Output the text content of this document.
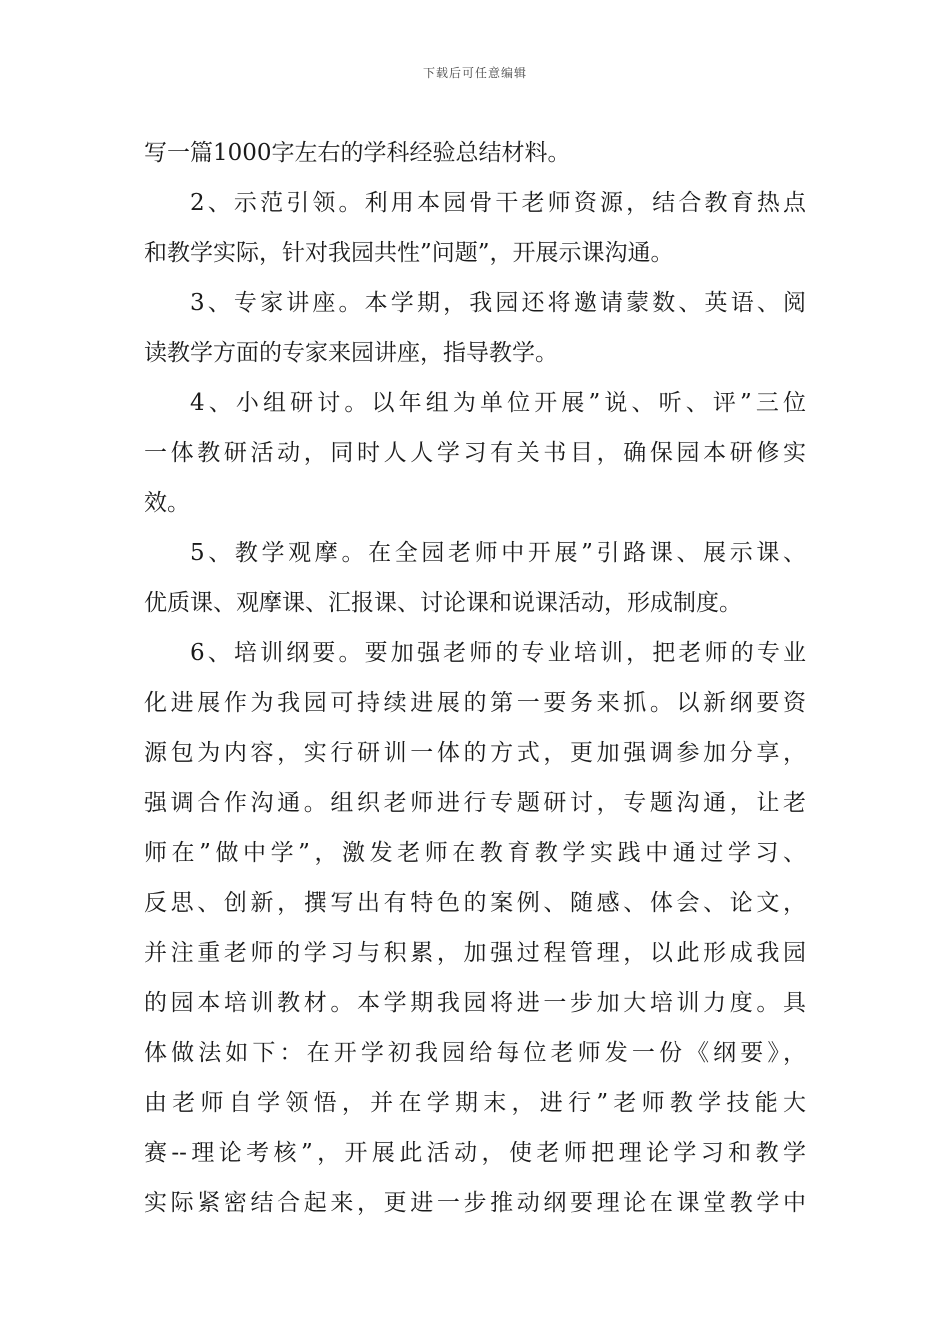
下载后可任意编辑
写一篇1000字左右的学科经验总结材料。
2、示范引领。利用本园骨干老师资源，结合教育热点
和教学实际，针对我园共性”问题”，开展示课沟通。
3、专家讲座。本学期，我园还将邀请蒙数、英语、阅
读教学方面的专家来园讲座，指导教学。
4、小组研讨。以年组为单位开展”说、听、评”三位
一体教研活动，同时人人学习有关书目，确保园本研修实
效。
5、教学观摩。在全园老师中开展”引路课、展示课、
优质课、观摩课、汇报课、讨论课和说课活动，形成制度。
6、培训纲要。要加强老师的专业培训，把老师的专业
化进展作为我园可持续进展的第一要务来抓。以新纲要资
源包为内容，实行研训一体的方式，更加强调参加分享，
强调合作沟通。组织老师进行专题研讨，专题沟通，让老
师在”做中学”，激发老师在教育教学实践中通过学习、
反思、创新，撰写出有特色的案例、随感、体会、论文，
并注重老师的学习与积累，加强过程管理，以此形成我园
的园本培训教材。本学期我园将进一步加大培训力度。具
体做法如下：在开学初我园给每位老师发一份《纲要》，
由老师自学领悟，并在学期末，进行”老师教学技能大
赛--理论考核”，开展此活动，使老师把理论学习和教学
实际紧密结合起来，更进一步推动纲要理论在课堂教学中
